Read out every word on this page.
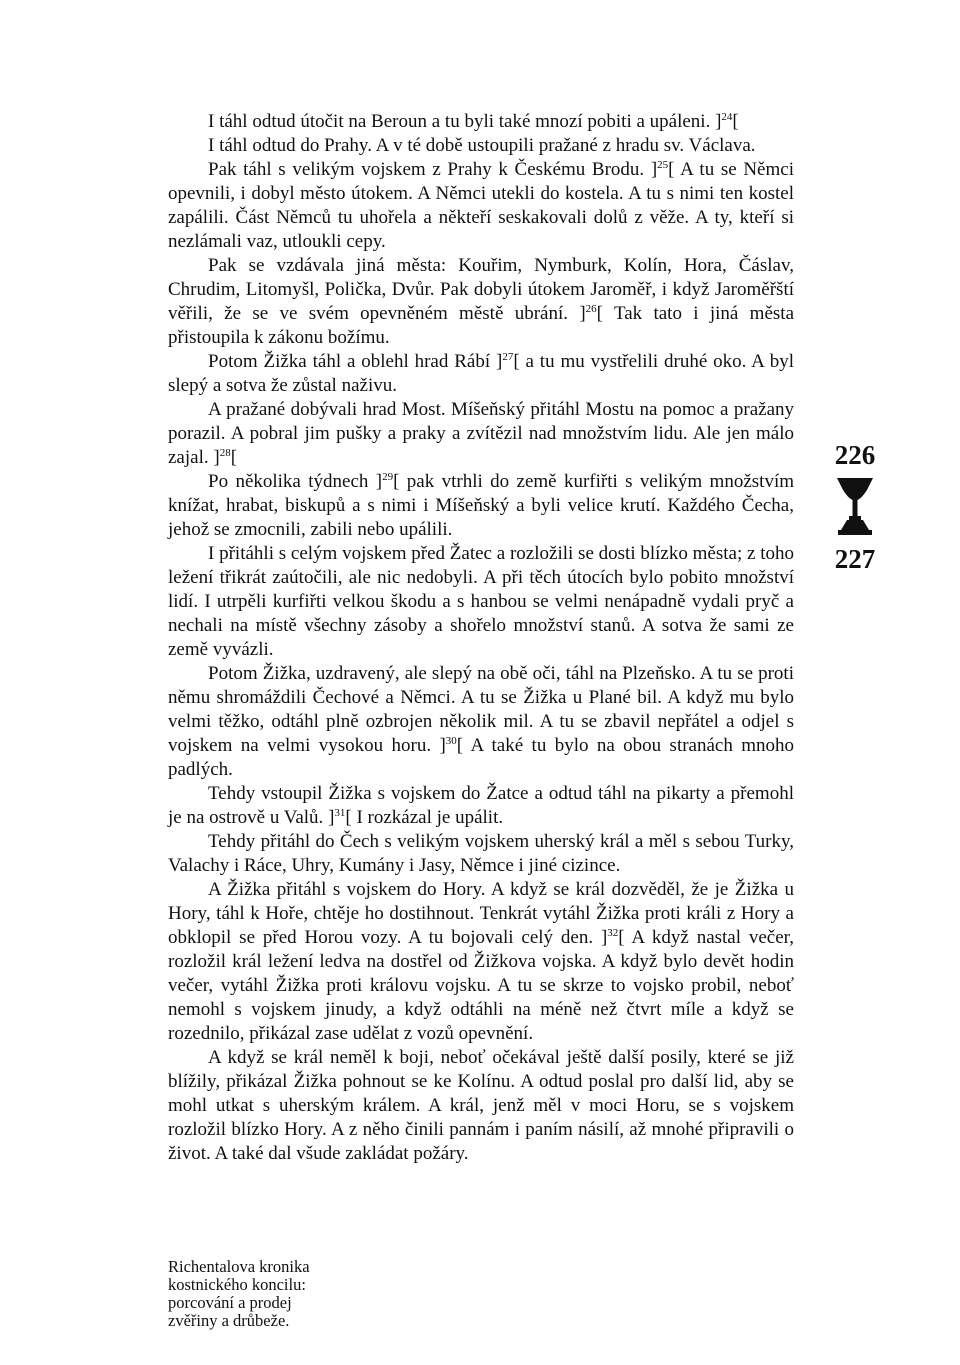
I táhl odtud útočit na Beroun a tu byli také mnozí pobiti a upáleni. ]$^{24}$[

I táhl odtud do Prahy. A v té době ustoupili pražané z hradu sv. Václava.

Pak táhl s velikým vojskem z Prahy k Českému Brodu. ]$^{25}$[ A tu se Němci opevnili, i dobyl město útokem. A Němci utekli do kostela. A tu s nimi ten kostel zapálili. Část Němců tu uhořela a někteří seskakovali dolů z věže. A ty, kteří si nezlámali vaz, utloukli cepy.

Pak se vzdávala jiná města: Kouřim, Nymburk, Kolín, Hora, Čáslav, Chrudim, Litomyšl, Polička, Dvůr. Pak dobyli útokem Jaroměř, i když Jaroměřští věřili, že se ve svém opevněném městě ubrání. ]$^{26}$[ Tak tato i jiná města přistoupila k zákonu božímu.

Potom Žižka táhl a oblehl hrad Rábí ]$^{27}$[ a tu mu vystřelili druhé oko. A byl slepý a sotva že zůstal naživu.

A pražané dobývali hrad Most. Míšeňský přitáhl Mostu na pomoc a pražany porazil. A pobral jim pušky a praky a zvítězil nad množstvím lidu. Ale jen málo zajal. ]$^{28}$[

Po několika týdnech ]$^{29}$[ pak vtrhli do země kurfiřti s velikým množstvím knížat, hrabat, biskupů a s nimi i Míšeňský a byli velice krutí. Každého Čecha, jehož se zmocnili, zabili nebo upálili.

I přitáhli s celým vojskem před Žatec a rozložili se dosti blízko města; z toho ležení třikrát zaútočili, ale nic nedobyli. A při těch útocích bylo pobito množství lidí. I utrpěli kurfiřti velkou škodu a s hanbou se velmi nenápadně vydali pryč a nechali na místě všechny zásoby a shořelo množství stanů. A sotva že sami ze země vyvázli.

Potom Žižka, uzdravený, ale slepý na obě oči, táhl na Plzeňsko. A tu se proti němu shromáždili Čechové a Němci. A tu se Žižka u Plané bil. A když mu bylo velmi těžko, odtáhl plně ozbrojen několik mil. A tu se zbavil nepřátel a odjel s vojskem na velmi vysokou horu. ]$^{30}$[ A také tu bylo na obou stranách mnoho padlých.

Tehdy vstoupil Žižka s vojskem do Žatce a odtud táhl na pikarty a přemohl je na ostrově u Valů. ]$^{31}$[ I rozkázal je upálit.

Tehdy přitáhl do Čech s velikým vojskem uherský král a měl s sebou Turky, Valachy i Ráce, Uhry, Kumány i Jasy, Němce i jiné cizince.

A Žižka přitáhl s vojskem do Hory. A když se král dozvěděl, že je Žižka u Hory, táhl k Hoře, chtěje ho dostihnout. Tenkrát vytáhl Žižka proti králi z Hory a obklopil se před Horou vozy. A tu bojovali celý den. ]$^{32}$[ A když nastal večer, rozložil král ležení ledva na dostřel od Žižkova vojska. A když bylo devět hodin večer, vytáhl Žižka proti královu vojsku. A tu se skrze to vojsko probil, neboť nemohl s vojskem jinudy, a když odtáhli na méně než čtvrt míle a když se rozednilo, přikázal zase udělat z vozů opevnění.

A když se král neměl k boji, neboť očekával ještě další posily, které se již blížily, přikázal Žižka pohnout se ke Kolínu. A odtud poslal pro další lid, aby se mohl utkat s uherským králem. A král, jenž měl v moci Horu, se s vojskem rozložil blízko Hory. A z něho činili pannám i paním násilí, až mnohé připravili o život. A také dal všude zakládat požáry.

226
227
Richentalova kronika
kostnického koncilu:
porcování a prodej
zvěřiny a drůbeže.
